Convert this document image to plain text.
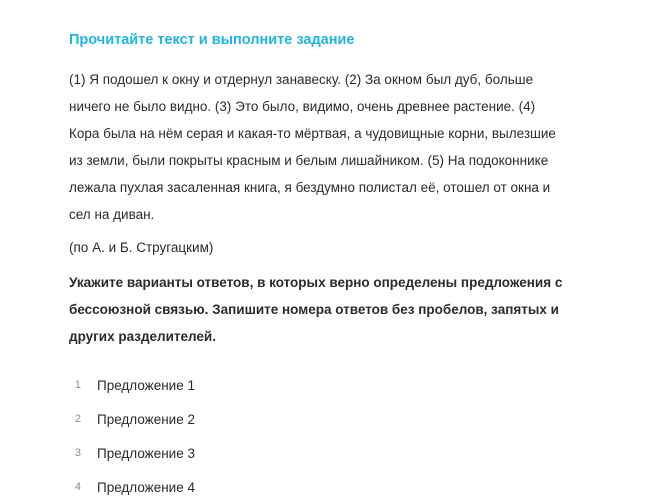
Прочитайте текст и выполните задание

(1) Я подошел к окну и отдернул занавеску. (2) За окном был дуб, больше ничего не было видно. (3) Это было, видимо, очень древнее растение. (4) Кора была на нём серая и какая-то мёртвая, а чудовищные корни, вылезшие из земли, были покрыты красным и белым лишайником. (5) На подоконнике лежала пухлая засаленная книга, я бездумно полистал её, отошел от окна и сел на диван.

(по А. и Б. Стругацким)

Укажите варианты ответов, в которых верно определены предложения с бессоюзной связью. Запишите номера ответов без пробелов, запятых и других разделителей.

1 Предложение 1
2 Предложение 2
3 Предложение 3
4 Предложение 4
